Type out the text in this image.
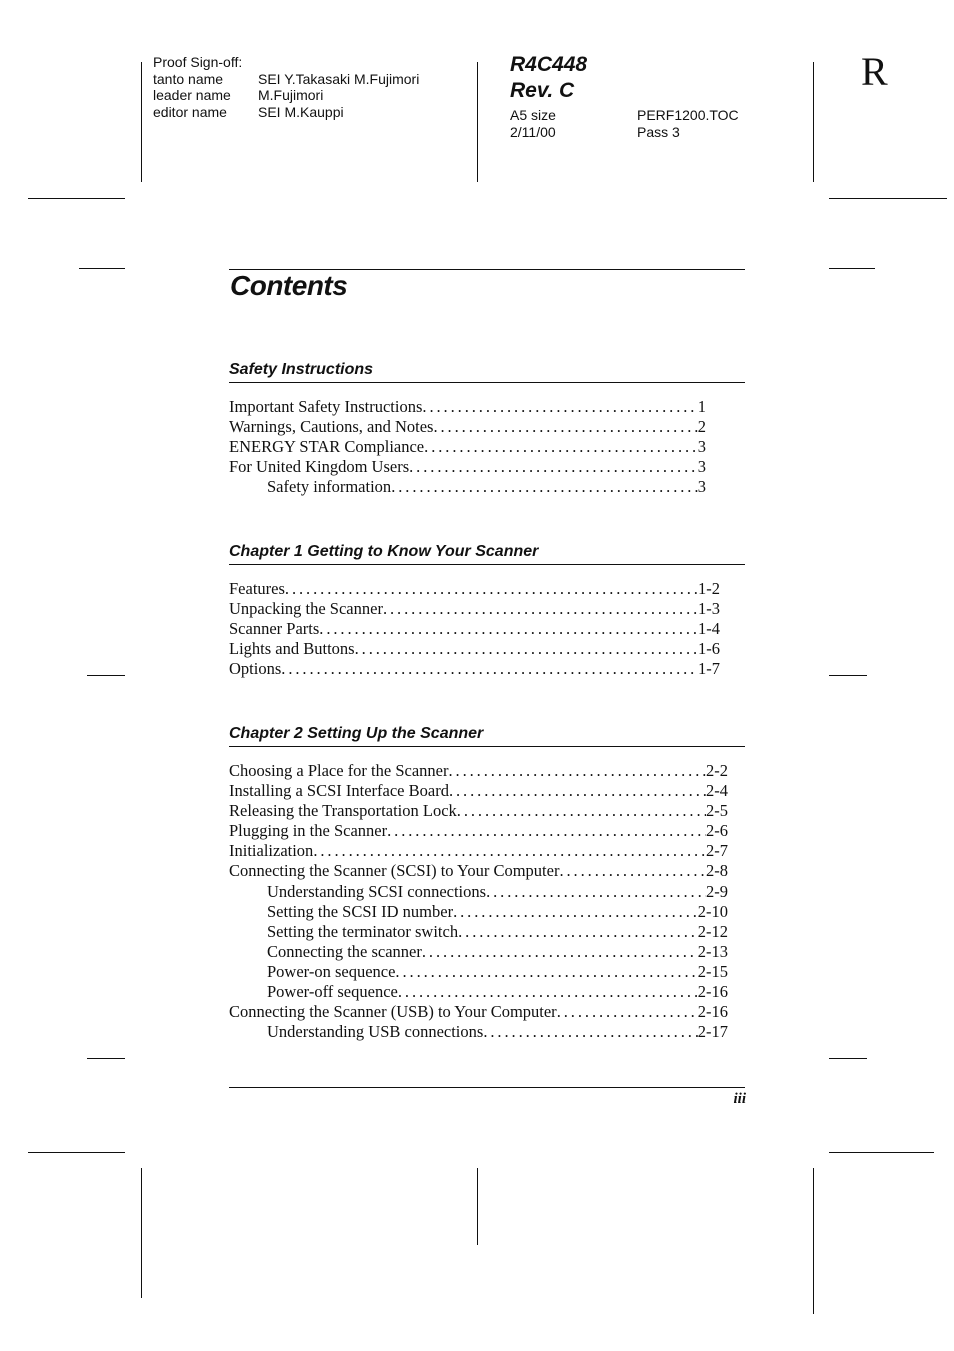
Proof Sign-off:
tanto name	SEI Y.Takasaki M.Fujimori
leader name	M.Fujimori
editor name	SEI M.Kauppi
R4C448
Rev. C
A5 size	PERF1200.TOC
2/11/00	Pass 3
R
Contents
Safety Instructions
Important Safety Instructions . . .	1
Warnings, Cautions, and Notes . . .	2
ENERGY STAR Compliance . . .	3
For United Kingdom Users . . .	3
Safety information . . .	3
Chapter 1 Getting to Know Your Scanner
Features . . .	1-2
Unpacking the Scanner . . .	1-3
Scanner Parts . . .	1-4
Lights and Buttons . . .	1-6
Options . . .	1-7
Chapter 2 Setting Up the Scanner
Choosing a Place for the Scanner . . .	2-2
Installing a SCSI Interface Board . . .	2-4
Releasing the Transportation Lock . . .	2-5
Plugging in the Scanner . . .	2-6
Initialization . . .	2-7
Connecting the Scanner (SCSI) to Your Computer . . .	2-8
Understanding SCSI connections . . .	2-9
Setting the SCSI ID number . . .	2-10
Setting the terminator switch . . .	2-12
Connecting the scanner . . .	2-13
Power-on sequence . . .	2-15
Power-off sequence . . .	2-16
Connecting the Scanner (USB) to Your Computer . . .	2-16
Understanding USB connections . . .	2-17
iii
